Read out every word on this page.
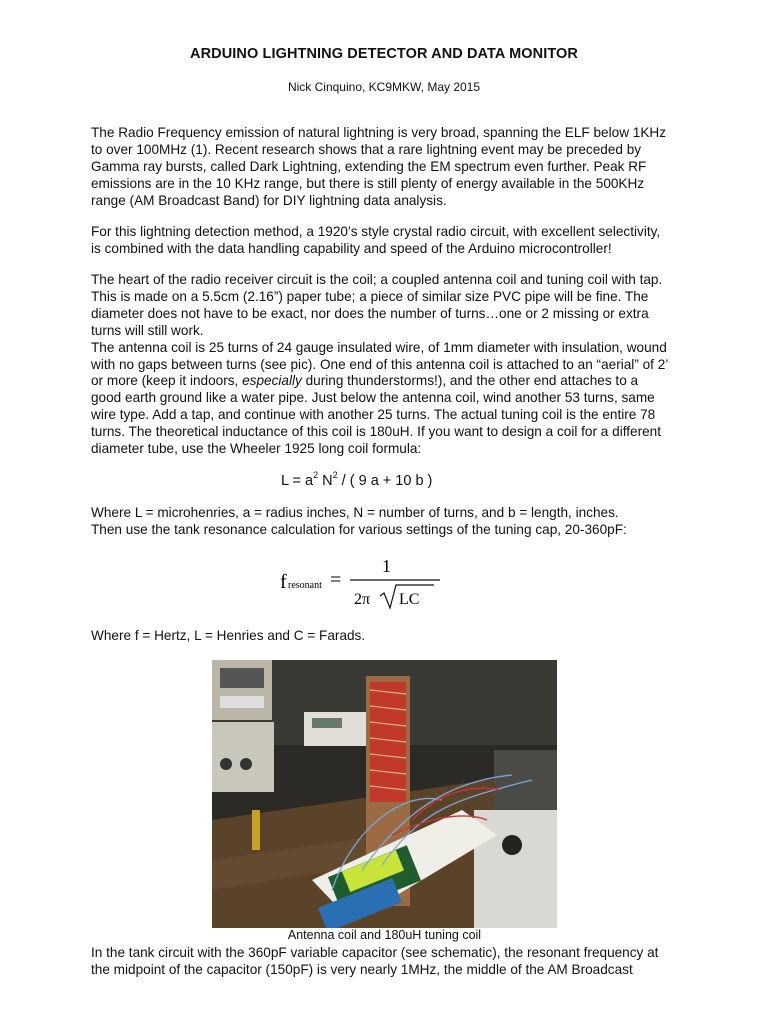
ARDUINO LIGHTNING DETECTOR AND DATA MONITOR
Nick Cinquino, KC9MKW, May 2015
The Radio Frequency emission of natural lightning is very broad, spanning the ELF below 1KHz
to over 100MHz (1). Recent research shows that a rare lightning event may be preceded by
Gamma ray bursts, called Dark Lightning, extending the EM spectrum even further. Peak RF
emissions are in the 10 KHz range, but there is still plenty of energy available in the 500KHz
range (AM Broadcast Band) for DIY lightning data analysis.
For this lightning detection method, a 1920’s style crystal radio circuit, with excellent selectivity,
is combined with the data handling capability and speed of the Arduino microcontroller!
The heart of the radio receiver circuit is the coil; a coupled antenna coil and tuning coil with tap.
This is made on a 5.5cm (2.16”) paper tube; a piece of similar size PVC pipe will be fine. The
diameter does not have to be exact, nor does the number of turns…one or 2 missing or extra
turns will still work.
The antenna coil is 25 turns of 24 gauge insulated wire, of 1mm diameter with insulation, wound
with no gaps between turns (see pic). One end of this antenna coil is attached to an “aerial” of 2’
or more (keep it indoors, especially during thunderstorms!), and the other end attaches to a
good earth ground like a water pipe. Just below the antenna coil, wind another 53 turns, same
wire type. Add a tap, and continue with another 25 turns. The actual tuning coil is the entire 78
turns. The theoretical inductance of this coil is 180uH. If you want to design a coil for a different
diameter tube, use the Wheeler 1925 long coil formula:
$L = a^2$ $N^2$ / ( 9 a + 10 b )
Where L = microhenries, a = radius inches, N = number of turns, and b = length, inches.
Then use the tank resonance calculation for various settings of the tuning cap, 20-360pF:
f resonant =
1
2π LC
Where f = Hertz, L = Henries and C = Farads.
Antenna coil and 180uH tuning coil
In the tank circuit with the 360pF variable capacitor (see schematic), the resonant frequency at
the midpoint of the capacitor (150pF) is very nearly 1MHz, the middle of the AM Broadcast
